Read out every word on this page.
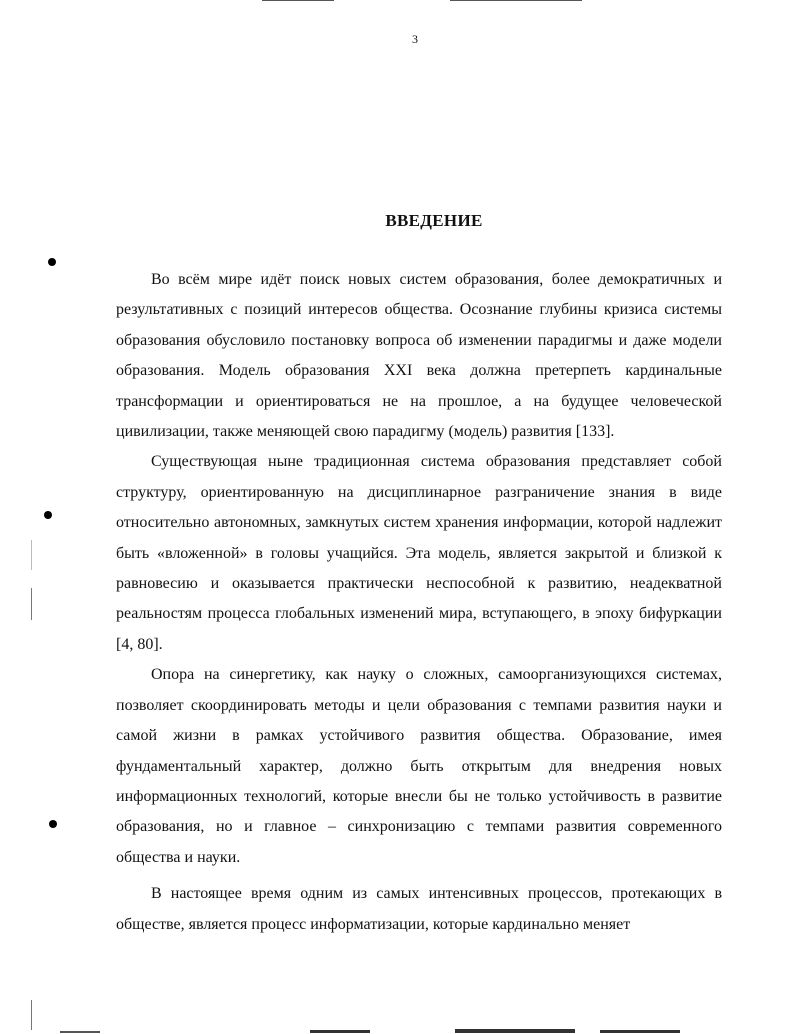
3
ВВЕДЕНИЕ

Во всём мире идёт поиск новых систем образования, более демократичных и результативных с позиций интересов общества. Осознание глубины кризиса системы образования обусловило постановку вопроса об изменении парадигмы и даже модели образования. Модель образования XXI века должна претерпеть кардинальные трансформации и ориентироваться не на прошлое, а на будущее человеческой цивилизации, также меняющей свою парадигму (модель) развития [133].

Существующая ныне традиционная система образования представляет собой структуру, ориентированную на дисциплинарное разграничение знания в виде относительно автономных, замкнутых систем хранения информации, которой надлежит быть «вложенной» в головы учащийся. Эта модель, является закрытой и близкой к равновесию и оказывается практически неспособной к развитию, неадекватной реальностям процесса глобальных изменений мира, вступающего, в эпоху бифуркации [4, 80].

Опора на синергетику, как науку о сложных, самоорганизующихся системах, позволяет скоординировать методы и цели образования с темпами развития науки и самой жизни в рамках устойчивого развития общества. Образование, имея фундаментальный характер, должно быть открытым для внедрения новых информационных технологий, которые внесли бы не только устойчивость в развитие образования, но и главное – синхронизацию с темпами развития современного общества и науки.

В настоящее время одним из самых интенсивных процессов, протекающих в обществе, является процесс информатизации, которые кардинально меняет
